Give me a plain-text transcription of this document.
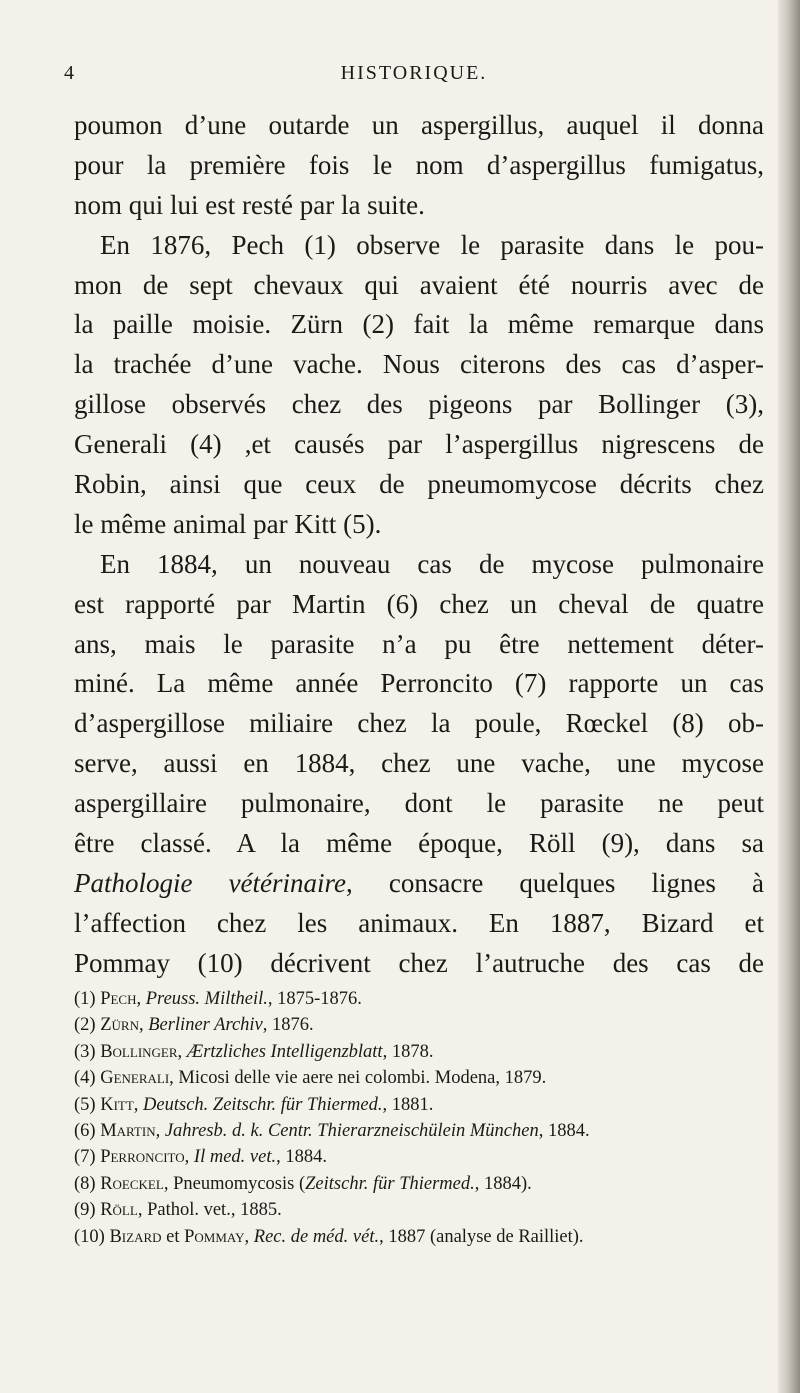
4	HISTORIQUE.
poumon d’une outarde un aspergillus, auquel il donna
pour la première fois le nom d’aspergillus fumigatus,
nom qui lui est resté par la suite.
En 1876, Pech (1) observe le parasite dans le pou-
mon de sept chevaux qui avaient été nourris avec de
la paille moisie. Zürn (2) fait la même remarque dans
la trachée d’une vache. Nous citerons des cas d’asper-
gillose observés chez des pigeons par Bollinger (3),
Generali (4) ,et causés par l’aspergillus nigrescens de
Robin, ainsi que ceux de pneumomycose décrits chez
le même animal par Kitt (5).
En 1884, un nouveau cas de mycose pulmonaire
est rapporté par Martin (6) chez un cheval de quatre
ans, mais le parasite n’a pu être nettement déter-
miné. La même année Perroncito (7) rapporte un cas
d’aspergillose miliaire chez la poule, Rœckel (8) ob-
serve, aussi en 1884, chez une vache, une mycose
aspergillaire pulmonaire, dont le parasite ne peut
être classé. A la même époque, Röll (9), dans sa
Pathologie vétérinaire, consacre quelques lignes à
l’affection chez les animaux. En 1887, Bizard et
Pommay (10) décrivent chez l’autruche des cas de
(1) Pech, Preuss. Miltheil., 1875-1876.
(2) Zürn, Berliner Archiv, 1876.
(3) Bollinger, Ærtzliches Intelligenzblatt, 1878.
(4) Generali, Micosi delle vie aere nei colombi. Modena, 1879.
(5) Kitt, Deutsch. Zeitschr. für Thiermed., 1881.
(6) Martin, Jahresb. d. k. Centr. Thierarzneischülein München, 1884.
(7) Perroncito, Il med. vet., 1884.
(8) Roeckel, Pneumomycosis (Zeitschr. für Thiermed., 1884).
(9) Röll, Pathol. vet., 1885.
(10) Bizard et Pommay, Rec. de méd. vét., 1887 (analyse de Railliet).
